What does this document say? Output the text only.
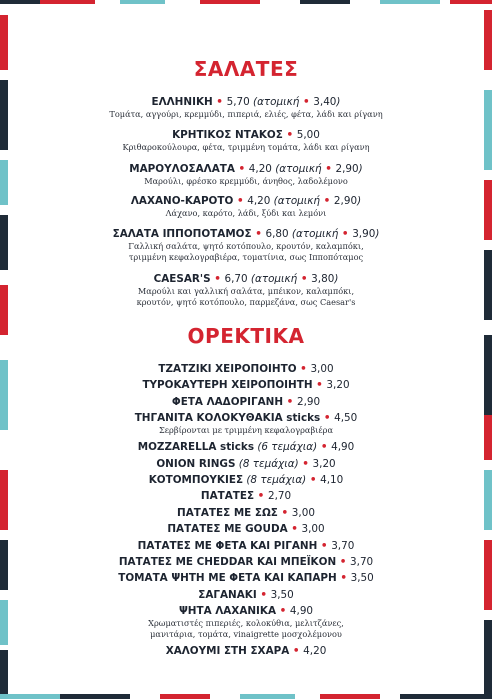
ΣΑΛΑΤΕΣ
ΕΛΛΗΝΙΚΗ • 5,70 (ατομική • 3,40)
Τομάτα, αγγούρι, κρεμμύδι, πιπεριά, ελιές, φέτα, λάδι και ρίγανη
ΚΡΗΤΙΚΟΣ ΝΤΑΚΟΣ • 5,00
Κριθαροκούλουρα, φέτα, τριμμένη τομάτα, λάδι και ρίγανη
ΜΑΡΟΥΛΟΣΑΛΑΤΑ • 4,20 (ατομική • 2,90)
Μαρούλι, φρέσκο κρεμμύδι, άνηθος, λαδολέμονο
ΛΑΧΑΝΟ-ΚΑΡΟΤΟ • 4,20 (ατομική • 2,90)
Λάχανο, καρότο, λάδι, ξύδι και λεμόνι
ΣΑΛΑΤΑ ΙΠΠΟΠΟΤΑΜΟΣ • 6,80 (ατομική • 3,90)
Γαλλική σαλάτα, ψητό κοτόπουλο, κρουτόν, καλαμπόκι,
τριμμένη κεφαλογραβιέρα, τοματίνια, σως Ιπποπόταμος
CAESAR'S • 6,70 (ατομική • 3,80)
Μαρούλι και γαλλική σαλάτα, μπέικον, καλαμπόκι,
κρουτόν, ψητό κοτόπουλο, παρμεζάνα, σως Caesar's
ΟΡΕΚΤΙΚΑ
ΤΖΑΤΖΙΚΙ ΧΕΙΡΟΠΟΙΗΤΟ • 3,00
ΤΥΡΟΚΑΥΤΕΡΗ ΧΕΙΡΟΠΟΙΗΤΗ • 3,20
ΦΕΤΑ ΛΑΔΟΡΙΓΑΝΗ • 2,90
ΤΗΓΑΝΙΤΑ ΚΟΛΟΚΥΘΑΚΙΑ sticks • 4,50
Σερβίρονται με τριμμένη κεφαλογραβιέρα
MOZZARELLA sticks (6 τεμάχια) • 4,90
ONION RINGS (8 τεμάχια) • 3,20
ΚΟΤΟΜΠΟΥΚΙΕΣ (8 τεμάχια) • 4,10
ΠΑΤΑΤΕΣ • 2,70
ΠΑΤΑΤΕΣ ΜΕ ΣΩΣ • 3,00
ΠΑΤΑΤΕΣ ΜΕ GOUDA • 3,00
ΠΑΤΑΤΕΣ ΜΕ ΦΕΤΑ ΚΑΙ ΡΙΓΑΝΗ • 3,70
ΠΑΤΑΤΕΣ ΜΕ CHEDDAR ΚΑΙ ΜΠΕΪΚΟΝ • 3,70
ΤΟΜΑΤΑ ΨΗΤΗ ΜΕ ΦΕΤΑ ΚΑΙ ΚΑΠΑΡΗ • 3,50
ΣΑΓΑΝΑΚΙ • 3,50
ΨΗΤΑ ΛΑΧΑΝΙΚΑ • 4,90
Χρωματιστές πιπεριές, κολοκύθια, μελιτζάνες,
μανιτάρια, τομάτα, vinaigrette μοσχολέμονου
ΧΑΛΟΥΜΙ ΣΤΗ ΣΧΑΡΑ • 4,20
